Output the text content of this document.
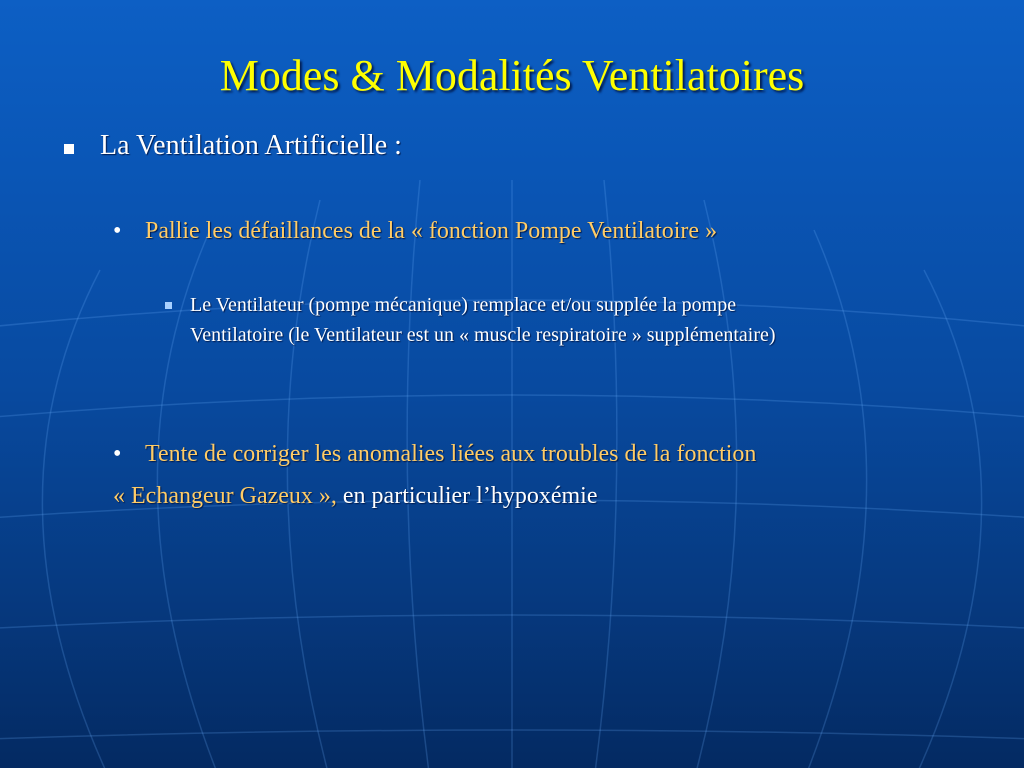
Modes & Modalités Ventilatoires
La Ventilation Artificielle :
• Pallie les défaillances de la « fonction Pompe Ventilatoire »
Le Ventilateur (pompe mécanique) remplace et/ou supplée la pompe
Ventilatoire (le Ventilateur est un « muscle respiratoire » supplémentaire)
• Tente de corriger les anomalies liées aux troubles de la fonction
« Echangeur Gazeux », en particulier l’hypoxémie
